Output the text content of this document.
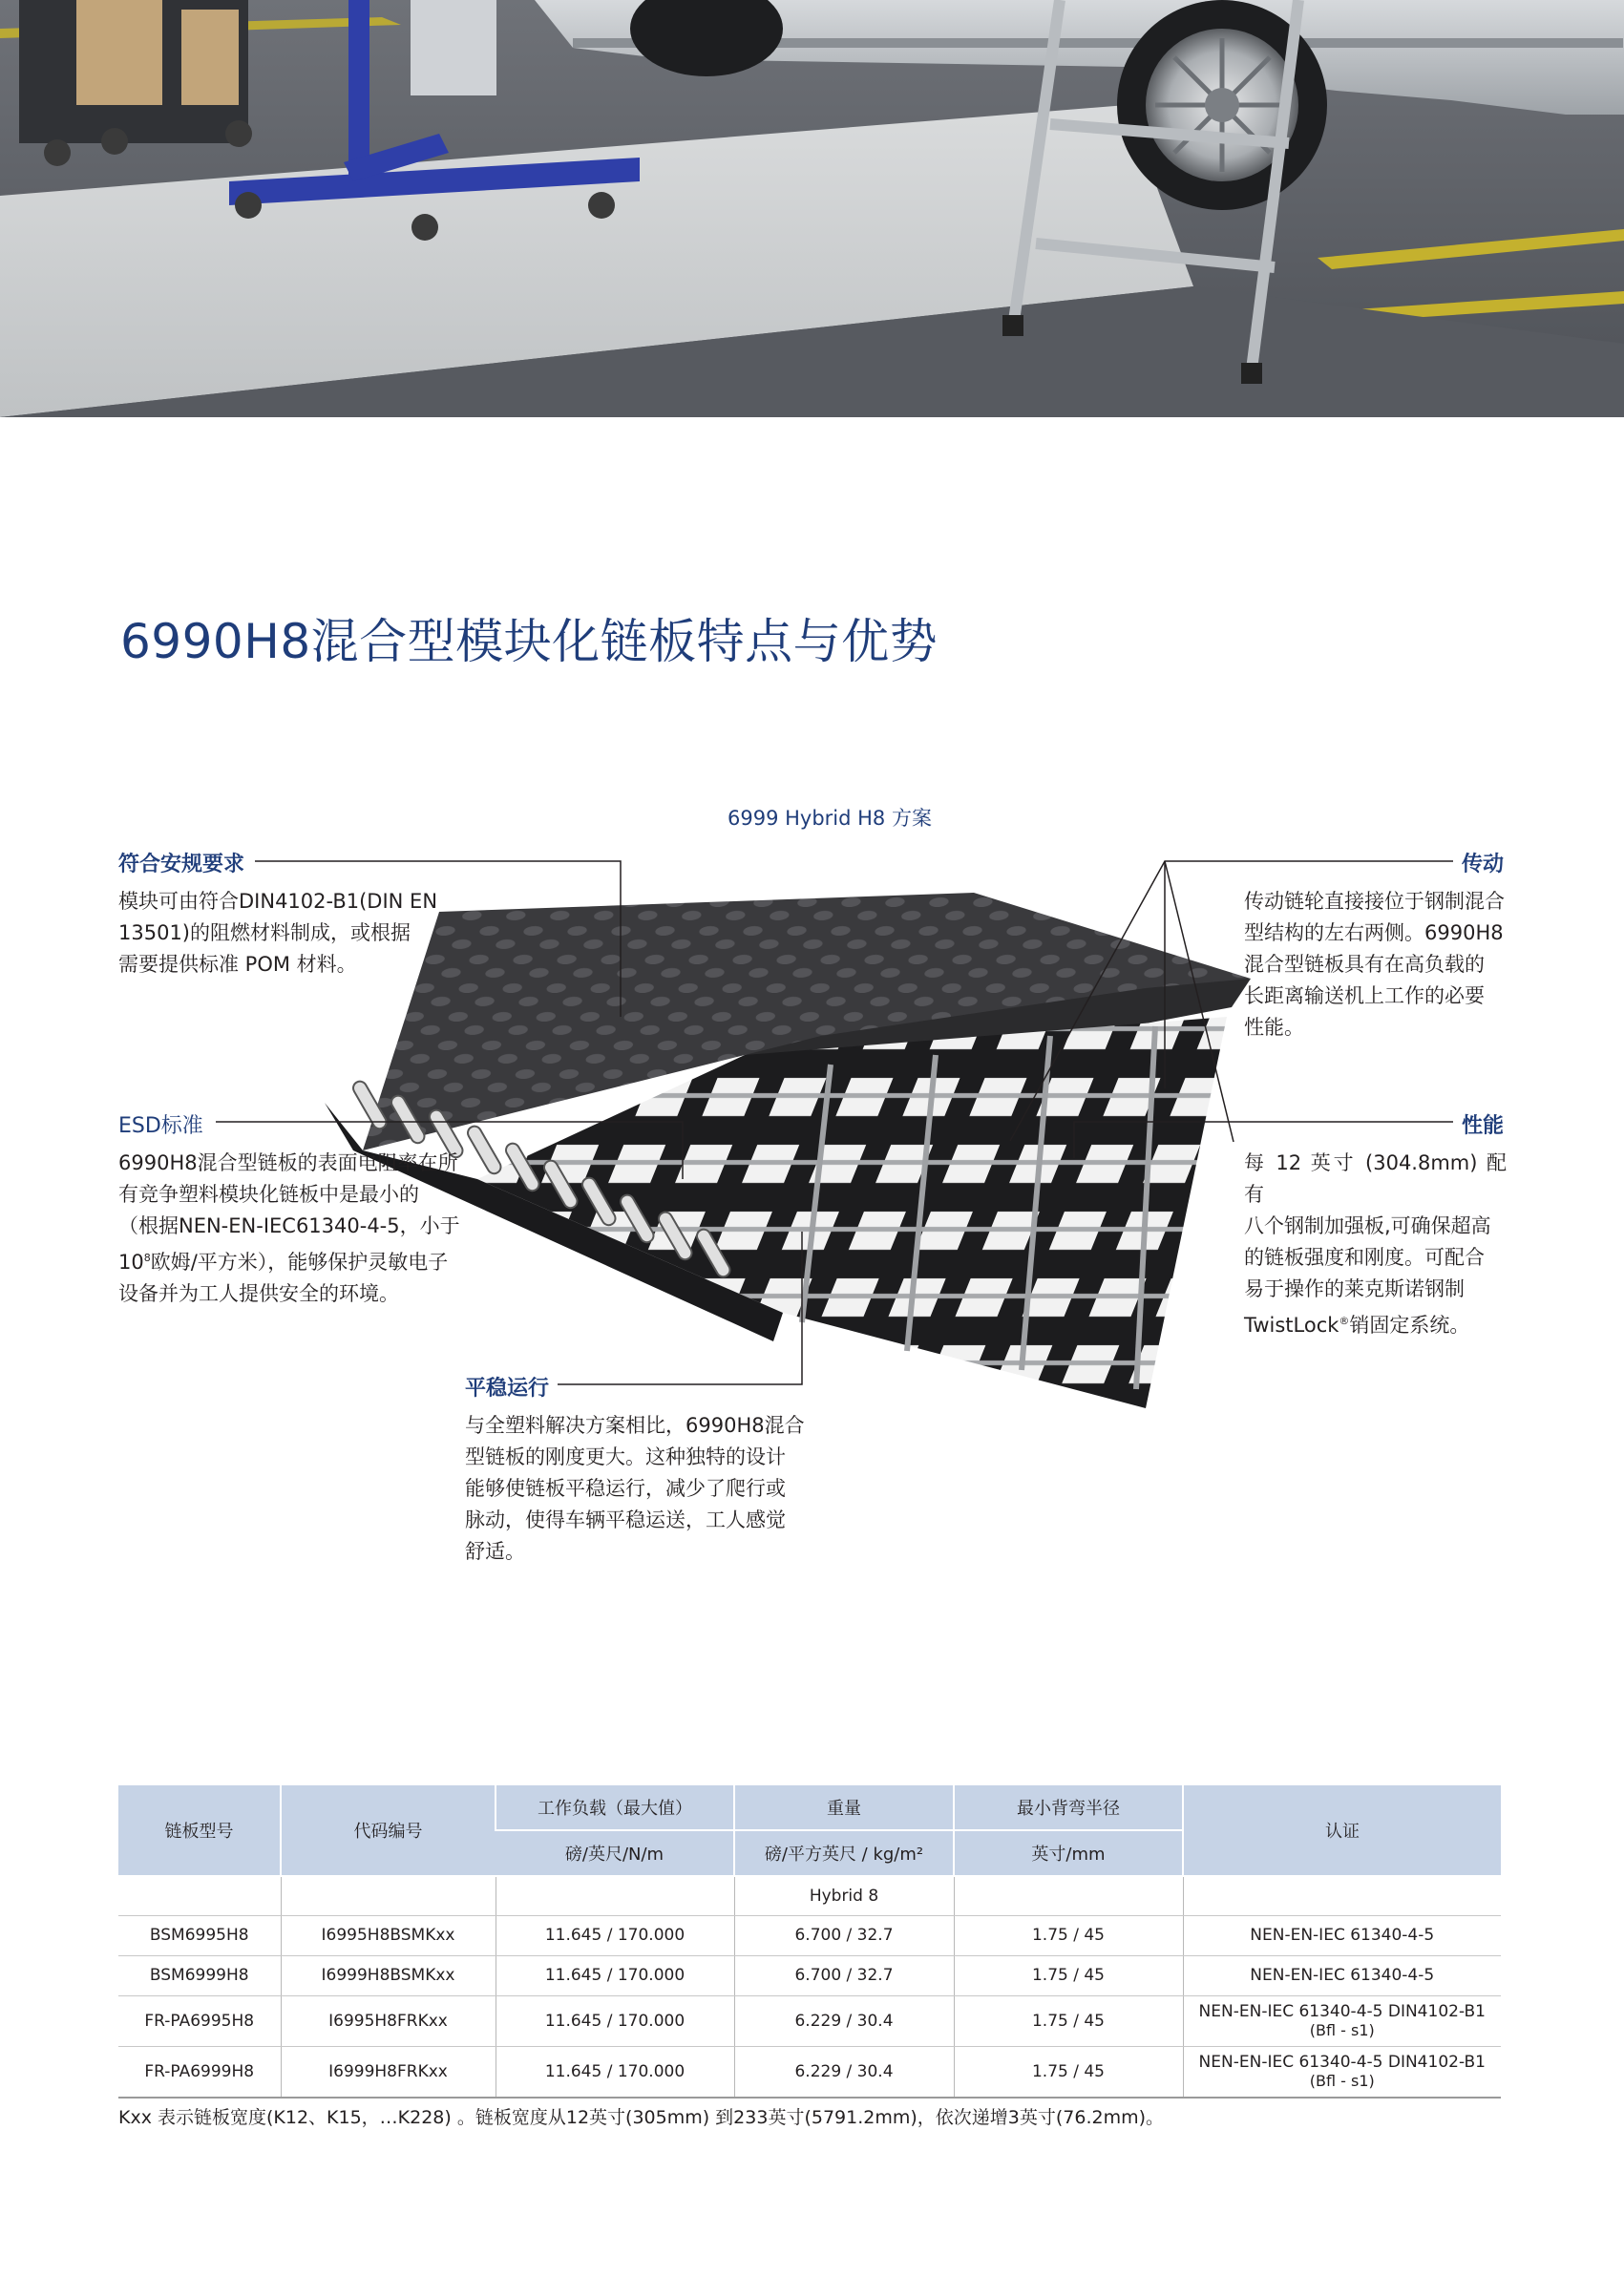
6990H8混合型模块化链板特点与优势
6999 Hybrid H8 方案
符合安规要求
模块可由符合DIN4102-B1(DIN EN
13501)的阻燃材料制成，或根据
需要提供标准 POM 材料。
ESD标准
6990H8混合型链板的表面电阻率在所
有竞争塑料模块化链板中是最小的
（根据NEN-EN-IEC61340-4-5，小于
$10^8$欧姆/平方米），能够保护灵敏电子
设备并为工人提供安全的环境。
平稳运行
与全塑料解决方案相比，6990H8混合
型链板的刚度更大。这种独特的设计
能够使链板平稳运行，减少了爬行或
脉动，使得车辆平稳运送，工人感觉
舒适。
传动
传动链轮直接接位于钢制混合
型结构的左右两侧。6990H8
混合型链板具有在高负载的
长距离输送机上工作的必要
性能。
性能
每 12 英寸 (304.8mm) 配有
八个钢制加强板,可确保超高
的链板强度和刚度。可配合
易于操作的莱克斯诺钢制
TwistLock®销固定系统。
链板型号	代码编号	工作负载（最大值）	重量	最小背弯半径	认证
		磅/英尺/N/m	磅/平方英尺 / kg/m²	英寸/mm	
			Hybrid 8		
BSM6995H8	I6995H8BSMKxx	11.645 / 170.000	6.700 / 32.7	1.75 / 45	NEN-EN-IEC 61340-4-5
BSM6999H8	I6999H8BSMKxx	11.645 / 170.000	6.700 / 32.7	1.75 / 45	NEN-EN-IEC 61340-4-5
FR-PA6995H8	I6995H8FRKxx	11.645 / 170.000	6.229 / 30.4	1.75 / 45	NEN-EN-IEC 61340-4-5 DIN4102-B1
(Bfl - s1)

FR-PA6999H8	I6999H8FRKxx	11.645 / 170.000	6.229 / 30.4	1.75 / 45	NEN-EN-IEC 61340-4-5 DIN4102-B1
(Bfl - s1)
Kxx 表示链板宽度(K12、K15，…K228) 。链板宽度从12英寸(305mm) 到233英寸(5791.2mm)，依次递增3英寸(76.2mm)。
